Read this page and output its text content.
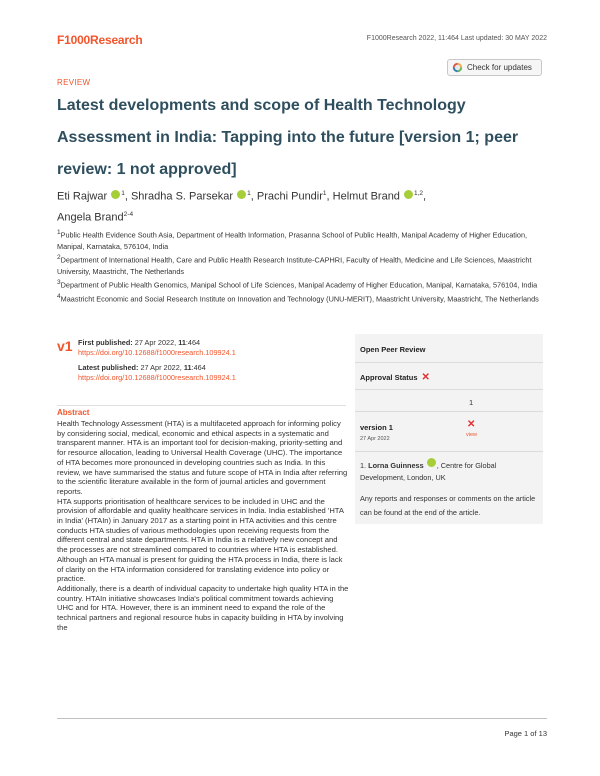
F1000Research	F1000Research 2022, 11:464 Last updated: 30 MAY 2022
REVIEW
Check for updates
Latest developments and scope of Health Technology Assessment in India: Tapping into the future [version 1; peer review: 1 not approved]
Eti Rajwar $^1$, Shradha S. Parsekar $^1$, Prachi Pundir$^1$, Helmut Brand $^{1,2}$,
Angela Brand$^{2-4}$

$^1$Public Health Evidence South Asia, Department of Health Information, Prasanna School of Public Health, Manipal Academy of Higher Education, Manipal, Karnataka, 576104, India

$^2$Department of International Health, Care and Public Health Research Institute-CAPHRI, Faculty of Health, Medicine and Life Sciences, Maastricht University, Maastricht, The Netherlands

$^3$Department of Public Health Genomics, Manipal School of Life Sciences, Manipal Academy of Higher Education, Manipal, Karnataka, 576104, India

$^4$Maastricht Economic and Social Research Institute on Innovation and Technology (UNU-MERIT), Maastricht University, Maastricht, The Netherlands

v1 First published: 27 Apr 2022, 11:464
https://doi.org/10.12688/f1000research.109924.1
Latest published: 27 Apr 2022, 11:464
https://doi.org/10.12688/f1000research.109924.1
Abstract

Health Technology Assessment (HTA) is a multifaceted approach for informing policy by considering social, medical, economic and ethical aspects in a systematic and transparent manner. HTA is an important tool for decision-making, priority-setting and for resource allocation, leading to Universal Health Coverage (UHC). The importance of HTA becomes more pronounced in developing countries such as India. In this review, we have summarised the status and future scope of HTA in India after referring to the scientific literature available in the form of journal articles and government reports.

HTA supports prioritisation of healthcare services to be included in UHC and the provision of affordable and quality healthcare services in India. India established 'HTA in India' (HTAIn) in January 2017 as a starting point in HTA activities and this centre conducts HTA studies of various methodologies upon receiving requests from the different central and state departments. HTA in India is a relatively new concept and the processes are not streamlined compared to countries where HTA is established. Although an HTA manual is present for guiding the HTA process in India, there is lack of clarity on the HTA information considered for translating evidence into policy or practice.

Additionally, there is a dearth of individual capacity to undertake high quality HTA in the country. HTAIn initiative showcases India's political commitment towards achieving UHC and for HTA. However, there is an imminent need to expand the role of the technical partners and regional resource hubs in capacity building in HTA by involving the

Open Peer Review
Approval Status ✕
1
version 1
27 Apr 2022
✕
view
1. Lorna Guinness , Centre for Global Development, London, UK
Any reports and responses or comments on the article can be found at the end of the article.
Page 1 of 13
